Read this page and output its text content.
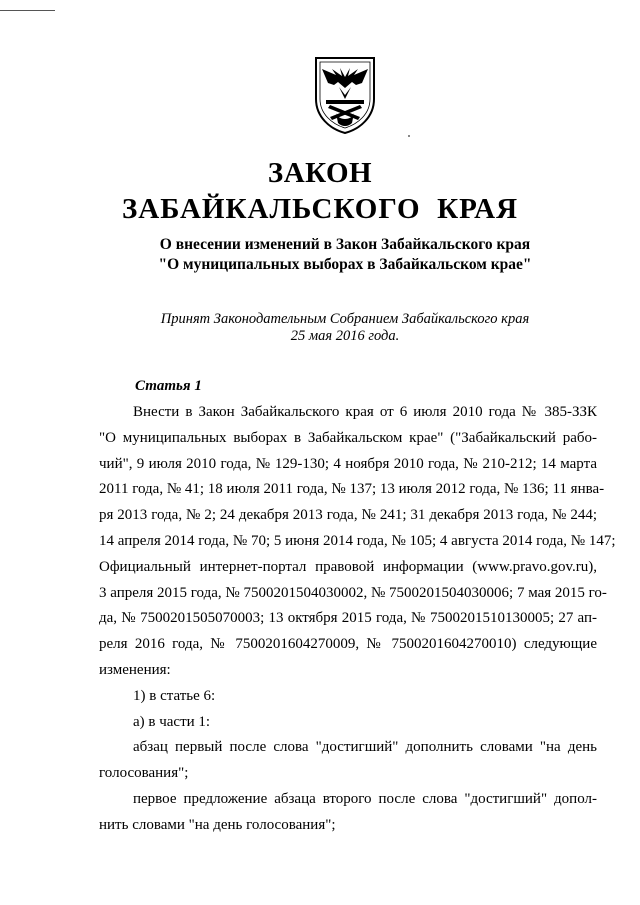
ЗАКОН
ЗАБАЙКАЛЬСКОГО  КРАЯ
О внесении изменений в Закон Забайкальского края
"О муниципальных выборах в Забайкальском крае"
Принят Законодательным Собранием Забайкальского края
25 мая 2016 года.
Статья 1
Внести в Закон Забайкальского края от 6 июля 2010 года № 385-ЗЗК
"О муниципальных выборах в Забайкальском крае" ("Забайкальский рабо-
чий", 9 июля 2010 года, № 129-130; 4 ноября 2010 года, № 210-212; 14 марта
2011 года, № 41; 18 июля 2011 года, № 137; 13 июля 2012 года, № 136; 11 янва-
ря 2013 года, № 2; 24 декабря 2013 года, № 241; 31 декабря 2013 года, № 244;
14 апреля 2014 года, № 70; 5 июня 2014 года, № 105; 4 августа 2014 года, № 147;
Официальный интернет-портал правовой информации (www.pravo.gov.ru),
3 апреля 2015 года, № 7500201504030002, № 7500201504030006; 7 мая 2015 го-
да, № 7500201505070003; 13 октября 2015 года, № 7500201510130005; 27 ап-
реля 2016 года, № 7500201604270009, № 7500201604270010) следующие
изменения:
1) в статье 6:
а) в части 1:
абзац первый после слова "достигший" дополнить словами "на день
голосования";
первое предложение абзаца второго после слова "достигший" допол-
нить словами "на день голосования";
